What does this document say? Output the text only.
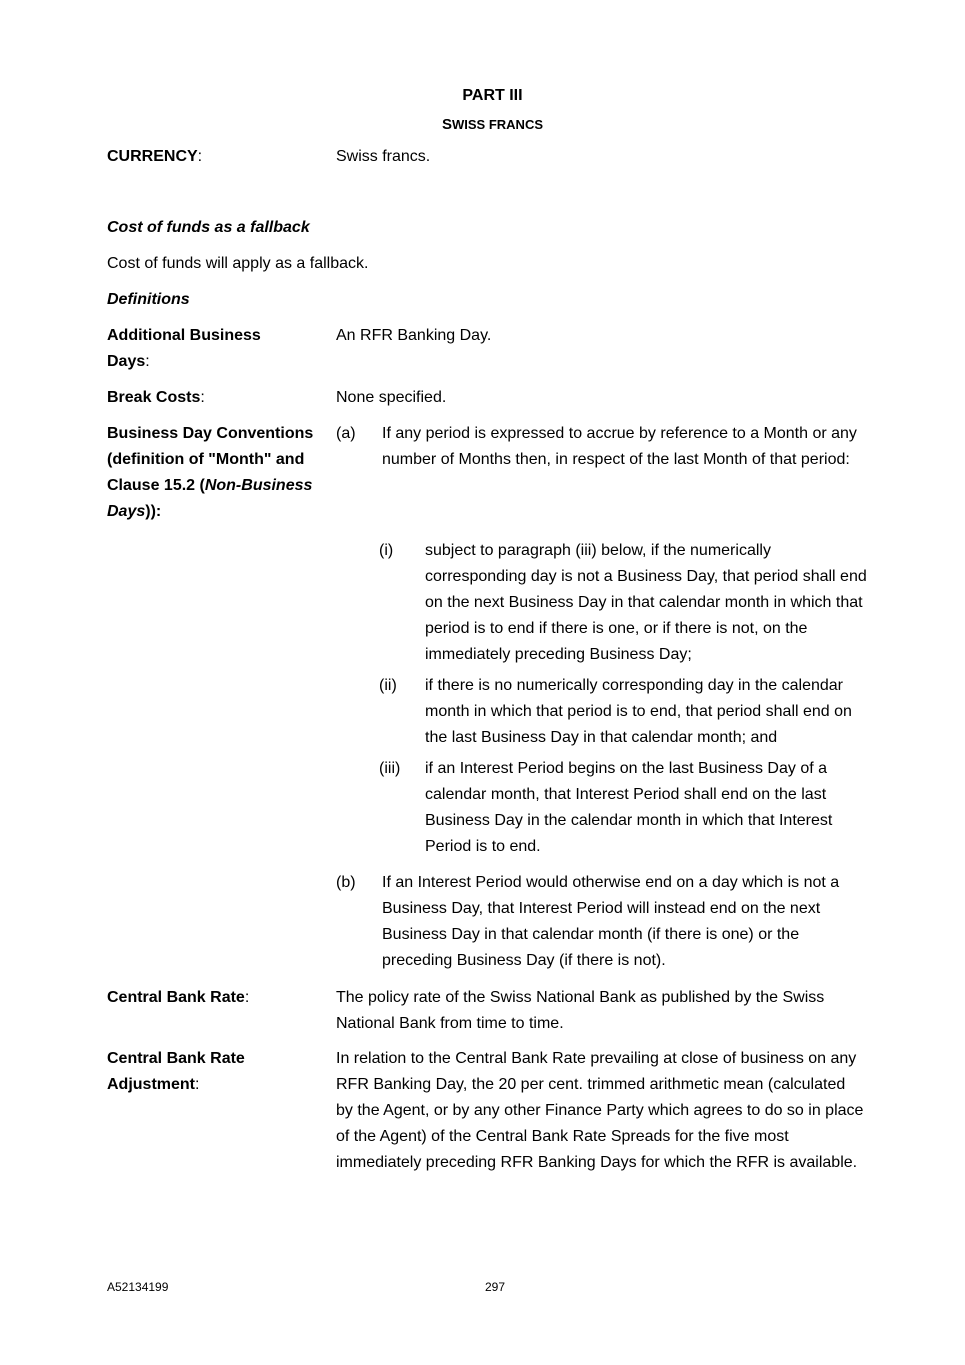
PART III
SWISS FRANCS
CURRENCY:	Swiss francs.
Cost of funds as a fallback
Cost of funds will apply as a fallback.
Definitions
Additional Business Days:
An RFR Banking Day.
Break Costs:	None specified.
Business Day Conventions (definition of "Month" and Clause 15.2 (Non-Business Days)):
(a) If any period is expressed to accrue by reference to a Month or any number of Months then, in respect of the last Month of that period:
(i) subject to paragraph (iii) below, if the numerically corresponding day is not a Business Day, that period shall end on the next Business Day in that calendar month in which that period is to end if there is one, or if there is not, on the immediately preceding Business Day;
(ii) if there is no numerically corresponding day in the calendar month in which that period is to end, that period shall end on the last Business Day in that calendar month; and
(iii) if an Interest Period begins on the last Business Day of a calendar month, that Interest Period shall end on the last Business Day in the calendar month in which that Interest Period is to end.
(b) If an Interest Period would otherwise end on a day which is not a Business Day, that Interest Period will instead end on the next Business Day in that calendar month (if there is one) or the preceding Business Day (if there is not).
Central Bank Rate:	The policy rate of the Swiss National Bank as published by the Swiss National Bank from time to time.
Central Bank Rate Adjustment:
In relation to the Central Bank Rate prevailing at close of business on any RFR Banking Day, the 20 per cent. trimmed arithmetic mean (calculated by the Agent, or by any other Finance Party which agrees to do so in place of the Agent) of the Central Bank Rate Spreads for the five most immediately preceding RFR Banking Days for which the RFR is available.
A52134199	297
